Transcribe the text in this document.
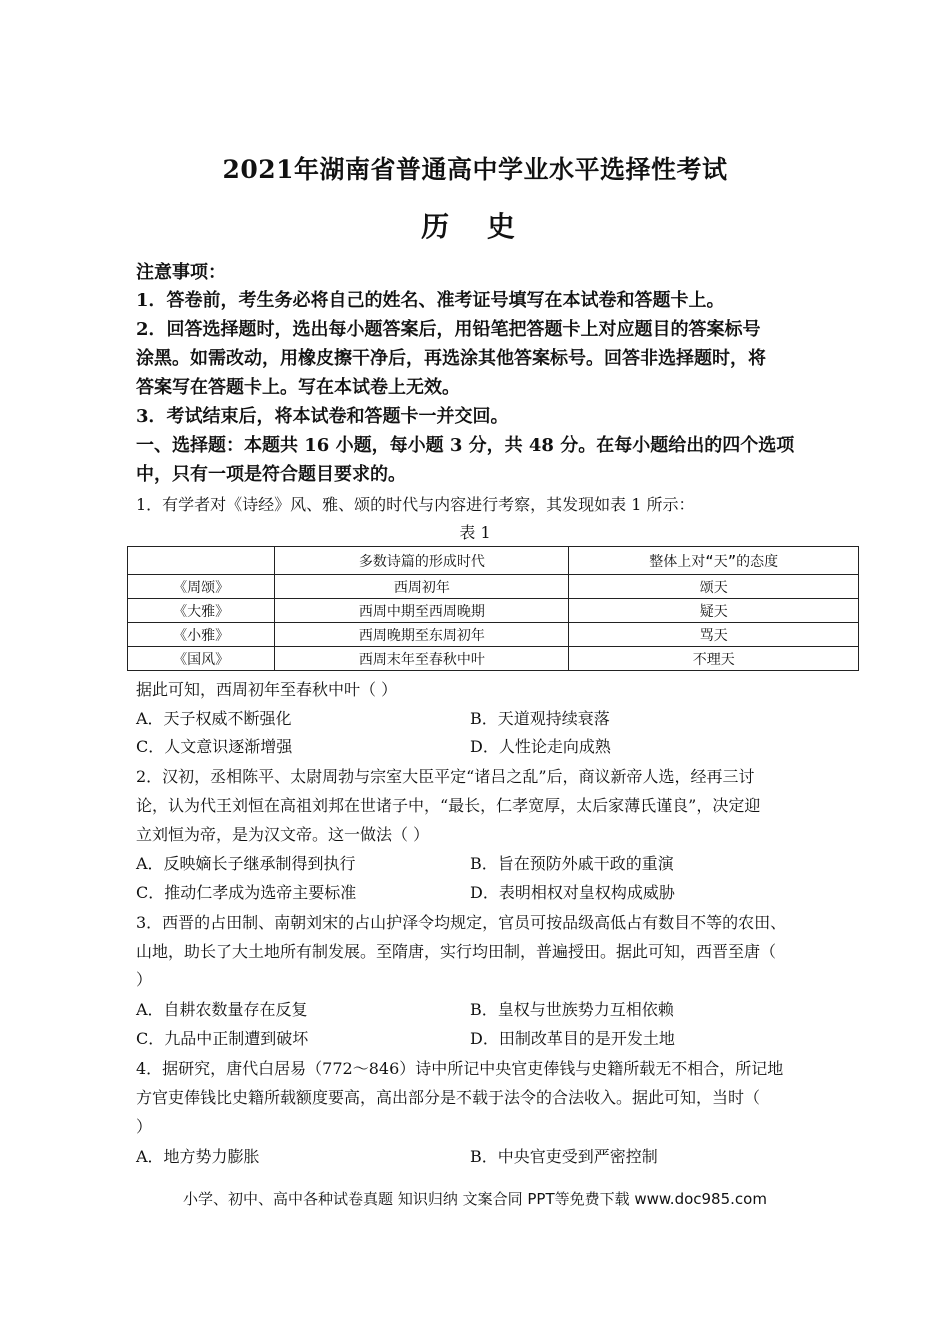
2021年湖南省普通高中学业水平选择性考试
历 史
注意事项：
1．答卷前，考生务必将自己的姓名、准考证号填写在本试卷和答题卡上。
2．回答选择题时，选出每小题答案后，用铅笔把答题卡上对应题目的答案标号
涂黑。如需改动，用橡皮擦干净后，再选涂其他答案标号。回答非选择题时，将
答案写在答题卡上。写在本试卷上无效。
3．考试结束后，将本试卷和答题卡一并交回。
一、选择题：本题共 16 小题，每小题 3 分，共 48 分。在每小题给出的四个选项
中，只有一项是符合题目要求的。
1．有学者对《诗经》风、雅、颂的时代与内容进行考察，其发现如表 1 所示：
表 1
	多数诗篇的形成时代	整体上对“天”的态度
《周颂》	西周初年	颂天
《大雅》	西周中期至西周晚期	疑天
《小雅》	西周晚期至东周初年	骂天
《国风》	西周末年至春秋中叶	不理天
据此可知，西周初年至春秋中叶（ ）
A．天子权威不断强化	B．天道观持续衰落
C．人文意识逐渐增强	D．人性论走向成熟
2．汉初，丞相陈平、太尉周勃与宗室大臣平定“诸吕之乱”后，商议新帝人选，经再三讨
论，认为代王刘恒在高祖刘邦在世诸子中，“最长，仁孝宽厚，太后家薄氏谨良”，决定迎
立刘恒为帝，是为汉文帝。这一做法（ ）
A．反映嫡长子继承制得到执行	B．旨在预防外戚干政的重演
C．推动仁孝成为选帝主要标准	D．表明相权对皇权构成威胁
3．西晋的占田制、南朝刘宋的占山护泽令均规定，官员可按品级高低占有数目不等的农田、
山地，助长了大土地所有制发展。至隋唐，实行均田制，普遍授田。据此可知，西晋至唐（
）
A．自耕农数量存在反复	B．皇权与世族势力互相依赖
C．九品中正制遭到破坏	D．田制改革目的是开发土地
4．据研究，唐代白居易（772～846）诗中所记中央官吏俸钱与史籍所载无不相合，所记地
方官吏俸钱比史籍所载额度要高，高出部分是不载于法令的合法收入。据此可知，当时（
）
A．地方势力膨胀	B．中央官吏受到严密控制
小学、初中、高中各种试卷真题 知识归纳 文案合同 PPT等免费下载 www.doc985.com
